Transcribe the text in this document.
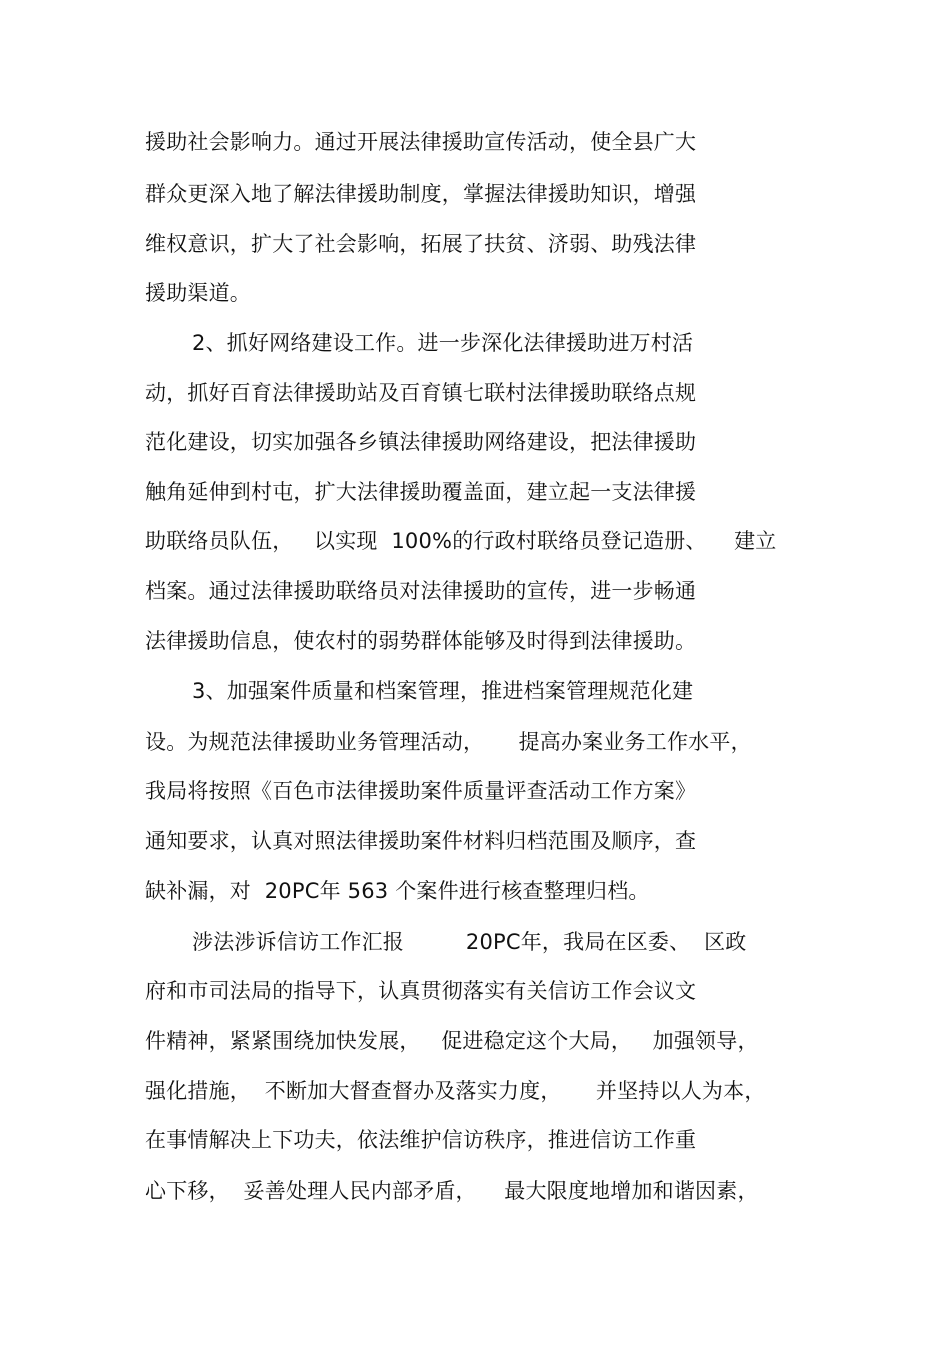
援助社会影响力。通过开展法律援助宣传活动，使全县广大
群众更深入地了解法律援助制度，掌握法律援助知识，增强
维权意识，扩大了社会影响，拓展了扶贫、济弱、助残法律
援助渠道。
2、抓好网络建设工作。进一步深化法律援助进万村活
动，抓好百育法律援助站及百育镇七联村法律援助联络点规
范化建设，切实加强各乡镇法律援助网络建设，把法律援助
触角延伸到村屯，扩大法律援助覆盖面，建立起一支法律援
助联络员队伍，   以实现  100%的行政村联络员登记造册、    建立
档案。通过法律援助联络员对法律援助的宣传，进一步畅通
法律援助信息，使农村的弱势群体能够及时得到法律援助。
3、加强案件质量和档案管理，推进档案管理规范化建
设。为规范法律援助业务管理活动，     提高办案业务工作水平，
我局将按照《百色市法律援助案件质量评查活动工作方案》
通知要求，认真对照法律援助案件材料归档范围及顺序，查
缺补漏，对  20PC年 563 个案件进行核查整理归档。
涉法涉诉信访工作汇报         20PC年，我局在区委、  区政
府和市司法局的指导下，认真贯彻落实有关信访工作会议文
件精神，紧紧围绕加快发展，   促进稳定这个大局，   加强领导，
强化措施，  不断加大督查督办及落实力度，     并坚持以人为本，
在事情解决上下功夫，依法维护信访秩序，推进信访工作重
心下移，  妥善处理人民内部矛盾，    最大限度地增加和谐因素，
